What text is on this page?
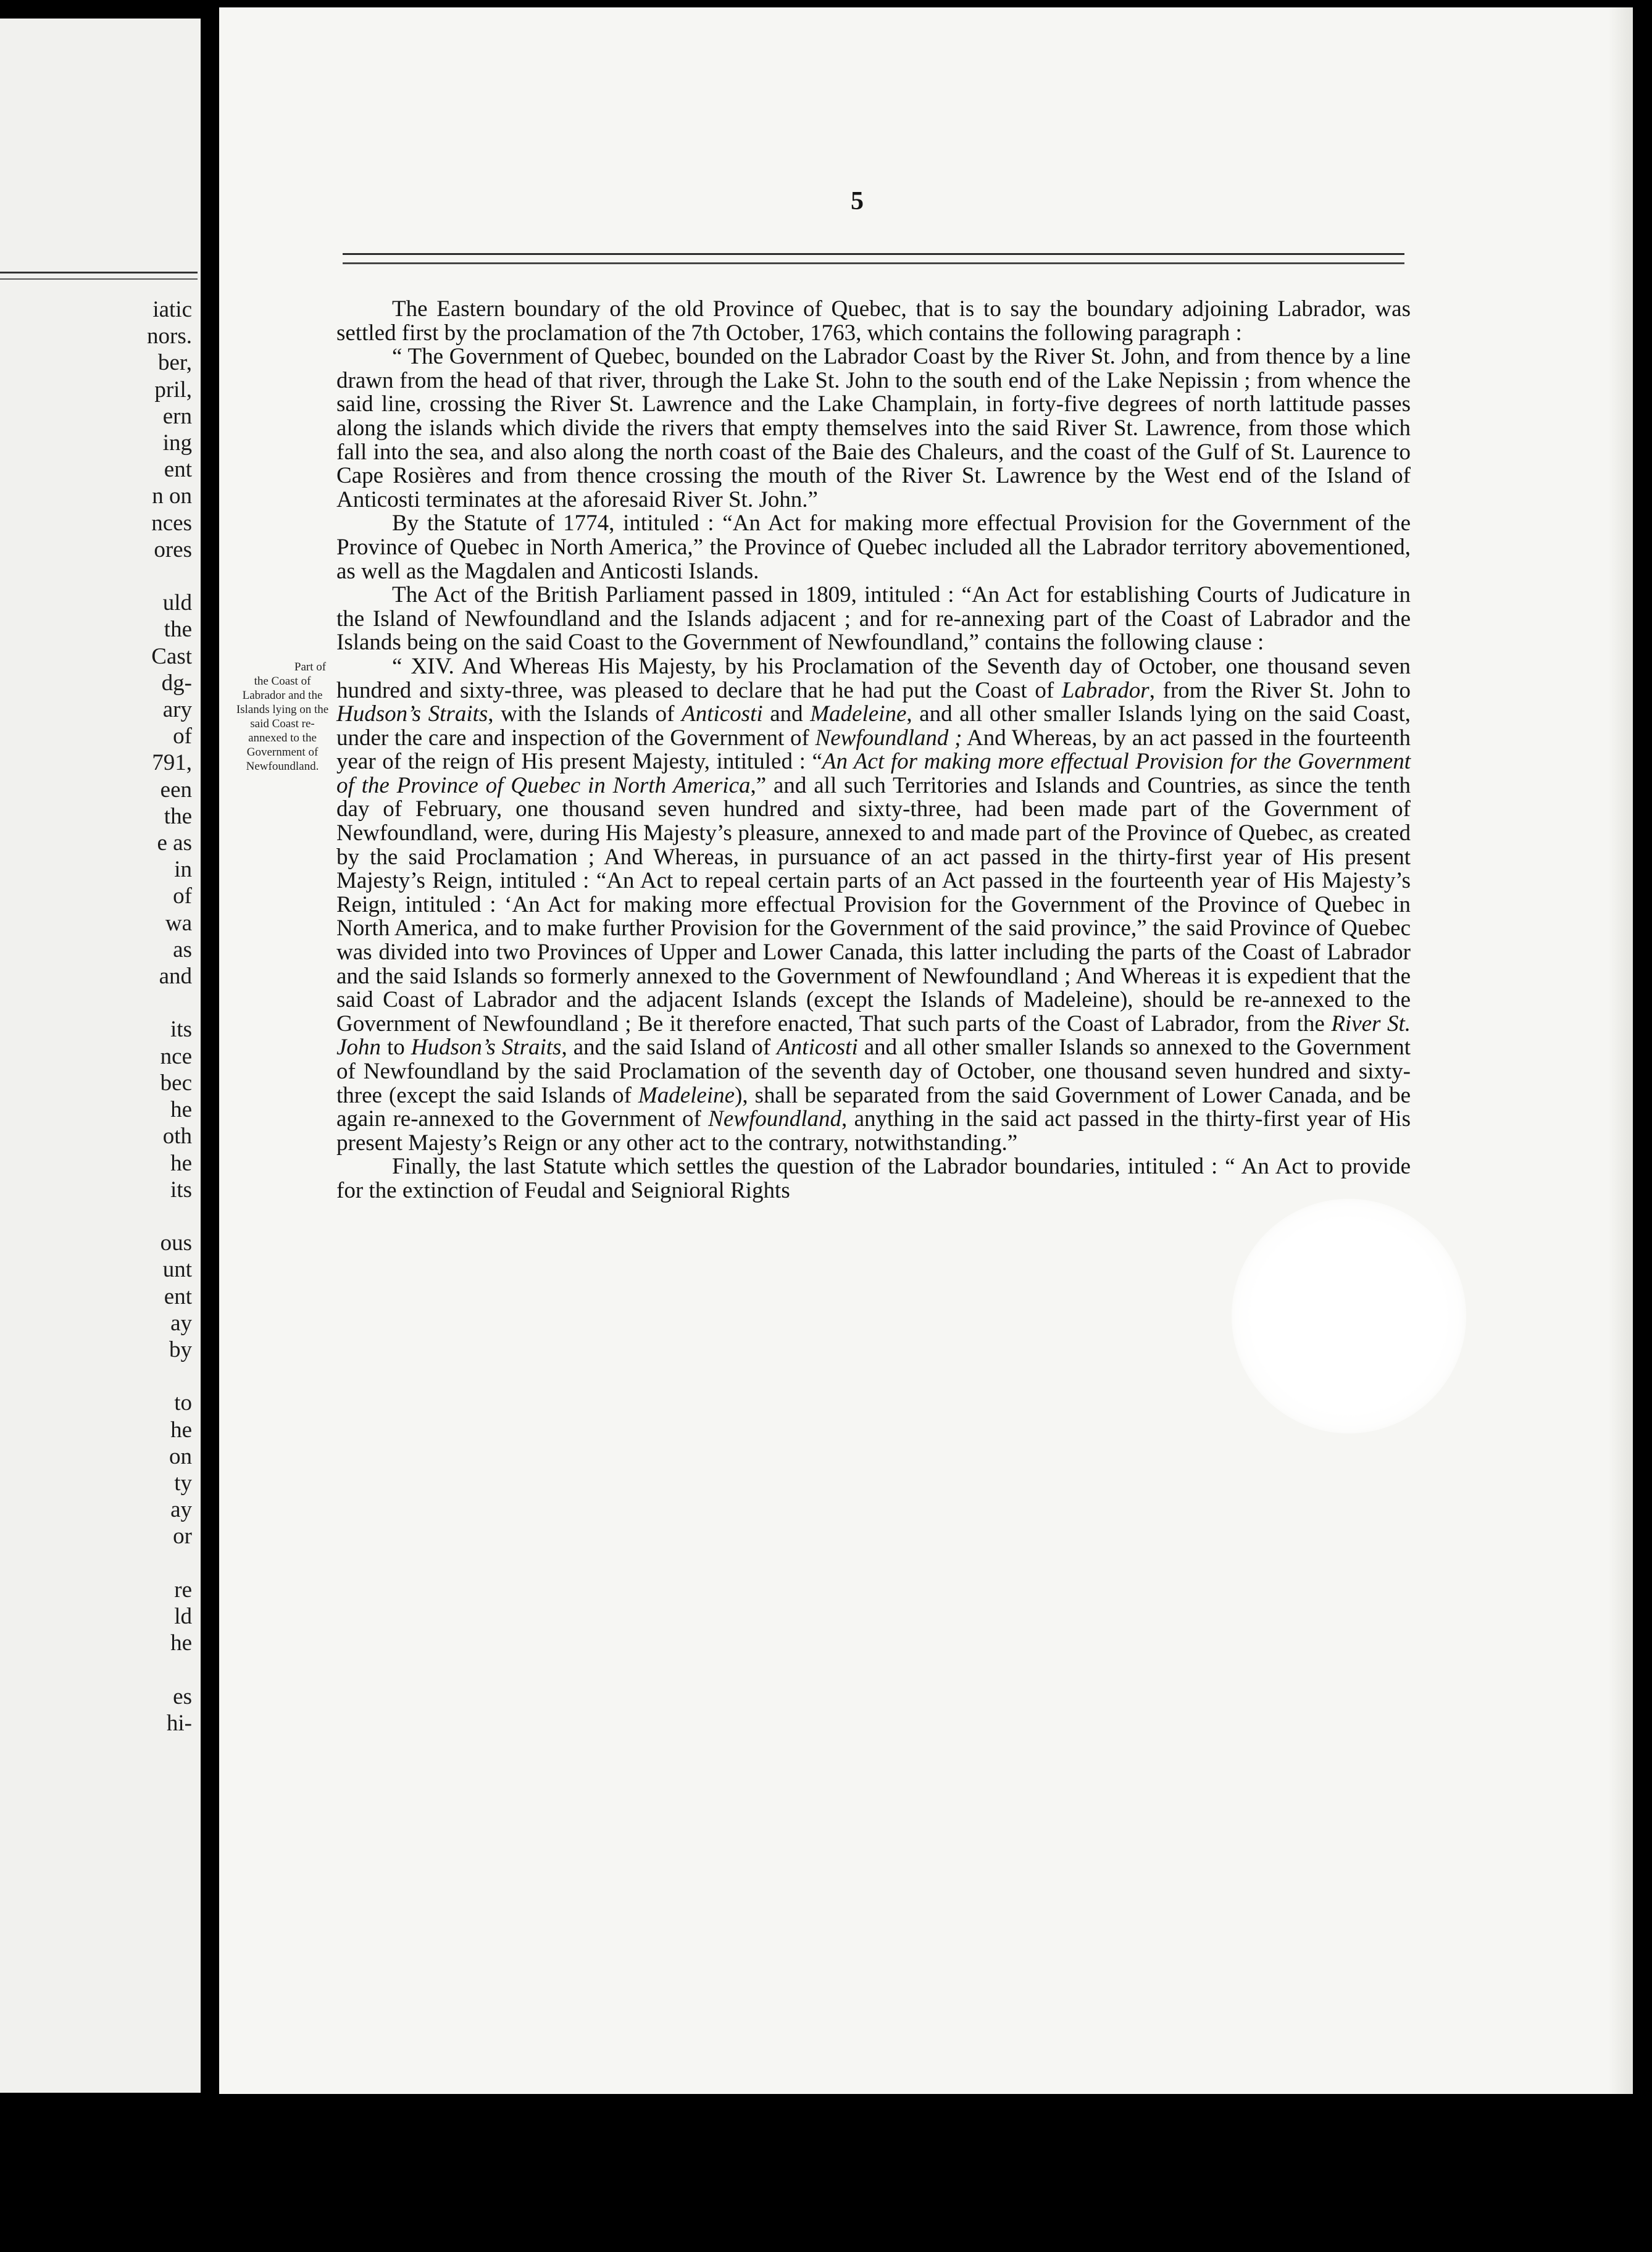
iatic
nors.
ber,
pril,
ern
ing
ent
n on
nces
ores

uld
the
Cast
dg-
ary
of
791,
een
the
e as
in
of
wa
as
and

its
nce
bec
he
oth
he
its

ous
unt
ent
ay
by

to
he
on
ty
ay
or

re
ld
he

es
hi-
5

The Eastern boundary of the old Province of Quebec, that is to say the boundary adjoining Labrador, was settled first by the proclamation of the 7th October, 1763, which contains the following paragraph :

“ The Government of Quebec, bounded on the Labrador Coast by the River St. John, and from thence by a line drawn from the head of that river, through the Lake St. John to the south end of the Lake Nepissin ; from whence the said line, crossing the River St. Lawrence and the Lake Champlain, in forty-five degrees of north lattitude passes along the islands which divide the rivers that empty themselves into the said River St. Lawrence, from those which fall into the sea, and also along the north coast of the Baie des Chaleurs, and the coast of the Gulf of St. Laurence to Cape Rosières and from thence crossing the mouth of the River St. Lawrence by the West end of the Island of Anticosti terminates at the aforesaid River St. John.”

By the Statute of 1774, intituled : “An Act for making more effectual Provision for the Government of the Province of Quebec in North America,” the Province of Quebec included all the Labrador territory abovementioned, as well as the Magdalen and Anticosti Islands.

The Act of the British Parliament passed in 1809, intituled : “An Act for establishing Courts of Judicature in the Island of Newfoundland and the Islands adjacent ; and for re-annexing part of the Coast of Labrador and the Islands being on the said Coast to the Government of Newfoundland,” contains the following clause :

Part of the Coast of Labrador and the Islands lying on the said Coast re-annexed to the Government of Newfoundland.
“ XIV. And Whereas His Majesty, by his Proclamation of the Seventh day of October, one thousand seven hundred and sixty-three, was pleased to declare that he had put the Coast of Labrador, from the River St. John to Hudson’s Straits, with the Islands of Anticosti and Madeleine, and all other smaller Islands lying on the said Coast, under the care and inspection of the Government of Newfoundland ; And Whereas, by an act passed in the fourteenth year of the reign of His present Majesty, intituled : “An Act for making more effectual Provision for the Government of the Province of Quebec in North America,” and all such Territories and Islands and Countries, as since the tenth day of February, one thousand seven hundred and sixty-three, had been made part of the Government of Newfoundland, were, during His Majesty’s pleasure, annexed to and made part of the Province of Quebec, as created by the said Proclamation ; And Whereas, in pursuance of an act passed in the thirty-first year of His present Majesty’s Reign, intituled : “An Act to repeal certain parts of an Act passed in the fourteenth year of His Majesty’s Reign, intituled : ‘An Act for making more effectual Provision for the Government of the Province of Quebec in North America, and to make further Provision for the Government of the said province,” the said Province of Quebec was divided into two Provinces of Upper and Lower Canada, this latter including the parts of the Coast of Labrador and the said Islands so formerly annexed to the Government of Newfoundland ; And Whereas it is expedient that the said Coast of Labrador and the adjacent Islands (except the Islands of Madeleine), should be re-annexed to the Government of Newfoundland ; Be it therefore enacted, That such parts of the Coast of Labrador, from the River St. John to Hudson’s Straits, and the said Island of Anticosti and all other smaller Islands so annexed to the Government of Newfoundland by the said Proclamation of the seventh day of October, one thousand seven hundred and sixty-three (except the said Islands of Madeleine), shall be separated from the said Government of Lower Canada, and be again re-annexed to the Government of Newfoundland, anything in the said act passed in the thirty-first year of His present Majesty’s Reign or any other act to the contrary, notwithstanding.”

Finally, the last Statute which settles the question of the Labrador boundaries, intituled : “ An Act to provide for the extinction of Feudal and Seignioral Rights
